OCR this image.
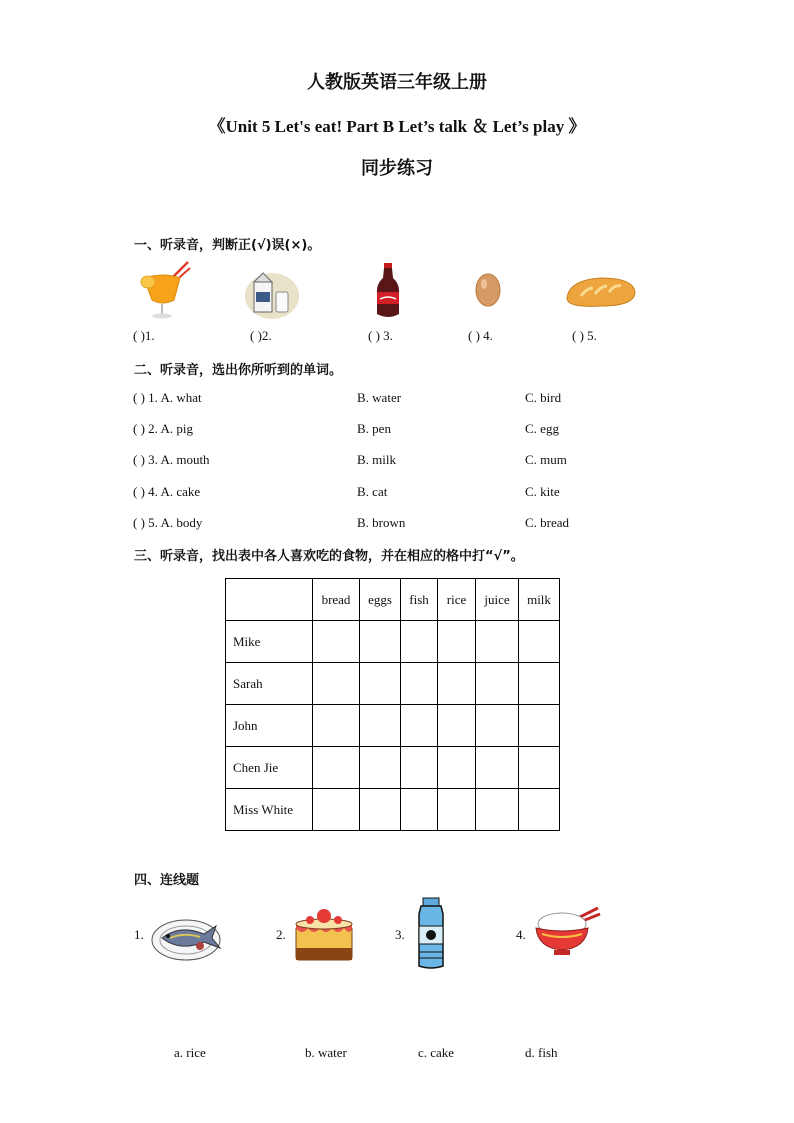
人教版英语三年级上册
《Unit 5 Let's eat! Part B Let’s talk ＆ Let’s play 》
同步练习
一、听录音，判断正(√)误(×)。
( )1.	( )2.	( ) 3.	( ) 4.	( ) 5.
二、听录音，选出你所听到的单词。
( ) 1. A. what	B. water	C. bird
( ) 2. A. pig	B. pen	C. egg
( ) 3. A. mouth	B. milk	C. mum
( ) 4. A. cake	B. cat	C. kite
( ) 5. A. body	B. brown	C. bread
三、听录音，找出表中各人喜欢吃的食物，并在相应的格中打“√”。
	bread	eggs	fish	rice	juice	milk
Mike						
Sarah						
John						
Chen Jie						
Miss White						
四、连线题
1.	2.	3.	4.
a. rice	b. water	c. cake	d. fish
